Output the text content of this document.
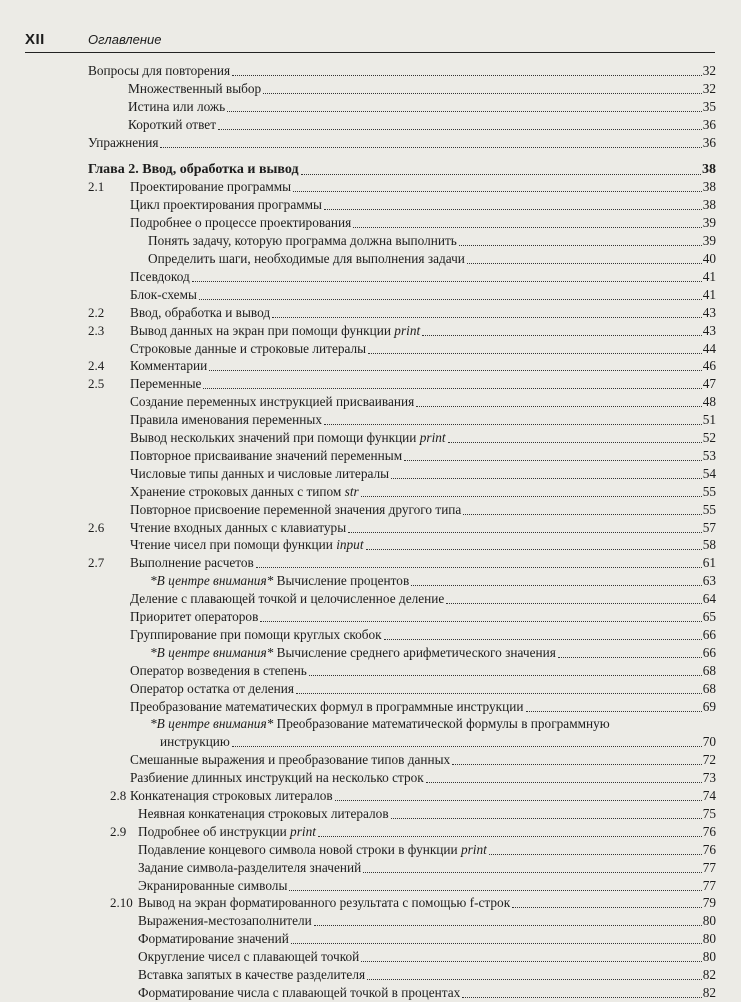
XII	Оглавление
Вопросы для повторения	32
Множественный выбор	32
Истина или ложь	35
Короткий ответ	36
Упражнения	36
Глава 2. Ввод, обработка и вывод	38
2.1 Проектирование программы	38
Цикл проектирования программы	38
Подробнее о процессе проектирования	39
Понять задачу, которую программа должна выполнить	39
Определить шаги, необходимые для выполнения задачи	40
Псевдокод	41
Блок-схемы	41
2.2 Ввод, обработка и вывод	43
2.3 Вывод данных на экран при помощи функции print	43
Строковые данные и строковые литералы	44
2.4 Комментарии	46
2.5 Переменные	47
Создание переменных инструкцией присваивания	48
Правила именования переменных	51
Вывод нескольких значений при помощи функции print	52
Повторное присваивание значений переменным	53
Числовые типы данных и числовые литералы	54
Хранение строковых данных с типом str	55
Повторное присвоение переменной значения другого типа	55
2.6 Чтение входных данных с клавиатуры	57
Чтение чисел при помощи функции input	58
2.7 Выполнение расчетов	61
*В центре внимания* Вычисление процентов	63
Деление с плавающей точкой и целочисленное деление	64
Приоритет операторов	65
Группирование при помощи круглых скобок	66
*В центре внимания* Вычисление среднего арифметического значения	66
Оператор возведения в степень	68
Оператор остатка от деления	68
Преобразование математических формул в программные инструкции	69
*В центре внимания* Преобразование математической формулы в программную
инструкцию	70
Смешанные выражения и преобразование типов данных	72
Разбиение длинных инструкций на несколько строк	73
2.8 Конкатенация строковых литералов	74
Неявная конкатенация строковых литералов	75
2.9 Подробнее об инструкции print	76
Подавление концевого символа новой строки в функции print	76
Задание символа-разделителя значений	77
Экранированные символы	77
2.10 Вывод на экран форматированного результата с помощью f-строк	79
Выражения-местозаполнители	80
Форматирование значений	80
Округление чисел с плавающей точкой	80
Вставка запятых в качестве разделителя	82
Форматирование числа с плавающей точкой в процентах	82
